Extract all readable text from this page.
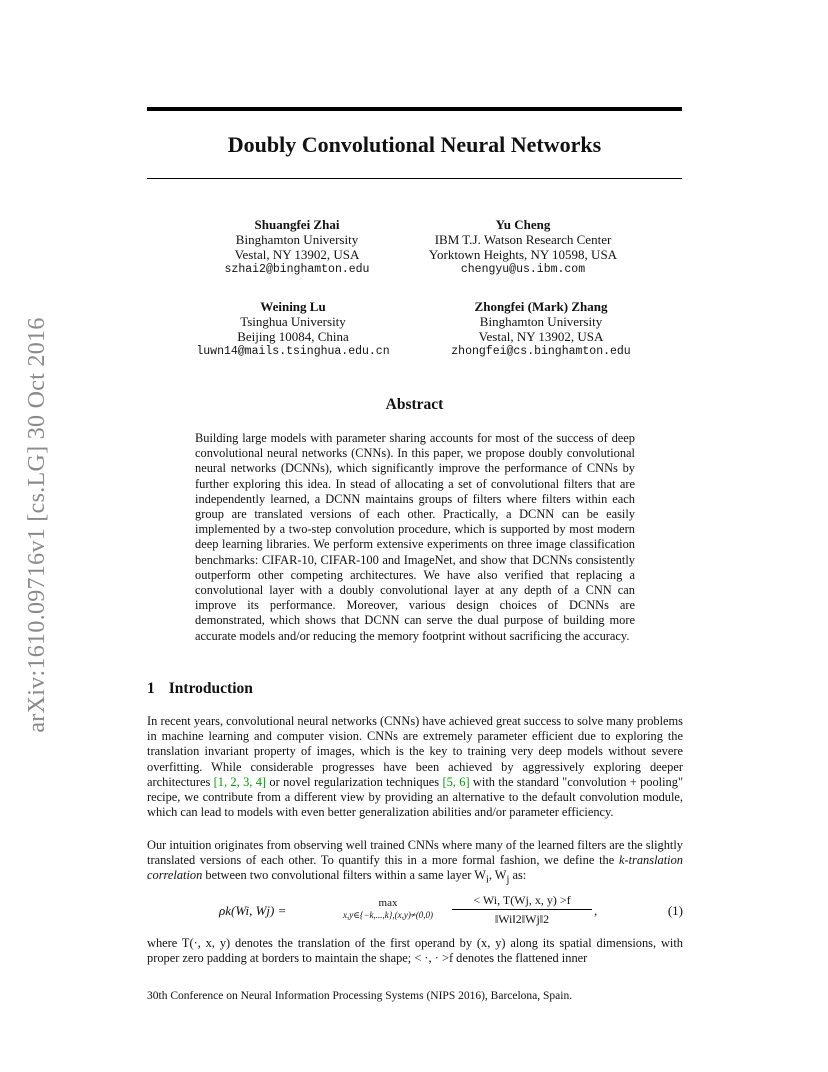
arXiv:1610.09716v1 [cs.LG] 30 Oct 2016
Doubly Convolutional Neural Networks
Shuangfei Zhai
Binghamton University
Vestal, NY 13902, USA
szhai2@binghamton.edu
Yu Cheng
IBM T.J. Watson Research Center
Yorktown Heights, NY 10598, USA
chengyu@us.ibm.com
Weining Lu
Tsinghua University
Beijing 10084, China
luwn14@mails.tsinghua.edu.cn
Zhongfei (Mark) Zhang
Binghamton University
Vestal, NY 13902, USA
zhongfei@cs.binghamton.edu
Abstract
Building large models with parameter sharing accounts for most of the success of deep convolutional neural networks (CNNs). In this paper, we propose doubly convolutional neural networks (DCNNs), which significantly improve the performance of CNNs by further exploring this idea. In stead of allocating a set of convolutional filters that are independently learned, a DCNN maintains groups of filters where filters within each group are translated versions of each other. Practically, a DCNN can be easily implemented by a two-step convolution procedure, which is supported by most modern deep learning libraries. We perform extensive experiments on three image classification benchmarks: CIFAR-10, CIFAR-100 and ImageNet, and show that DCNNs consistently outperform other competing architectures. We have also verified that replacing a convolutional layer with a doubly convolutional layer at any depth of a CNN can improve its performance. Moreover, various design choices of DCNNs are demonstrated, which shows that DCNN can serve the dual purpose of building more accurate models and/or reducing the memory footprint without sacrificing the accuracy.
1 Introduction
In recent years, convolutional neural networks (CNNs) have achieved great success to solve many problems in machine learning and computer vision. CNNs are extremely parameter efficient due to exploring the translation invariant property of images, which is the key to training very deep models without severe overfitting. While considerable progresses have been achieved by aggressively exploring deeper architectures [1, 2, 3, 4] or novel regularization techniques [5, 6] with the standard "convolution + pooling" recipe, we contribute from a different view by providing an alternative to the default convolution module, which can lead to models with even better generalization abilities and/or parameter efficiency.
Our intuition originates from observing well trained CNNs where many of the learned filters are the slightly translated versions of each other. To quantify this in a more formal fashion, we define the k-translation correlation between two convolutional filters within a same layer $W_i$, $W_j$ as:
ρk(Wi, Wj) =	max
x,y∈{−k,...,k},(x,y)≠(0,0)
< Wi, T(Wj, x, y) >f
‖Wi‖2‖Wj‖2
,	(1)
where T(·, x, y) denotes the translation of the first operand by (x, y) along its spatial dimensions, with proper zero padding at borders to maintain the shape; < ·, · >f denotes the flattened inner
30th Conference on Neural Information Processing Systems (NIPS 2016), Barcelona, Spain.
